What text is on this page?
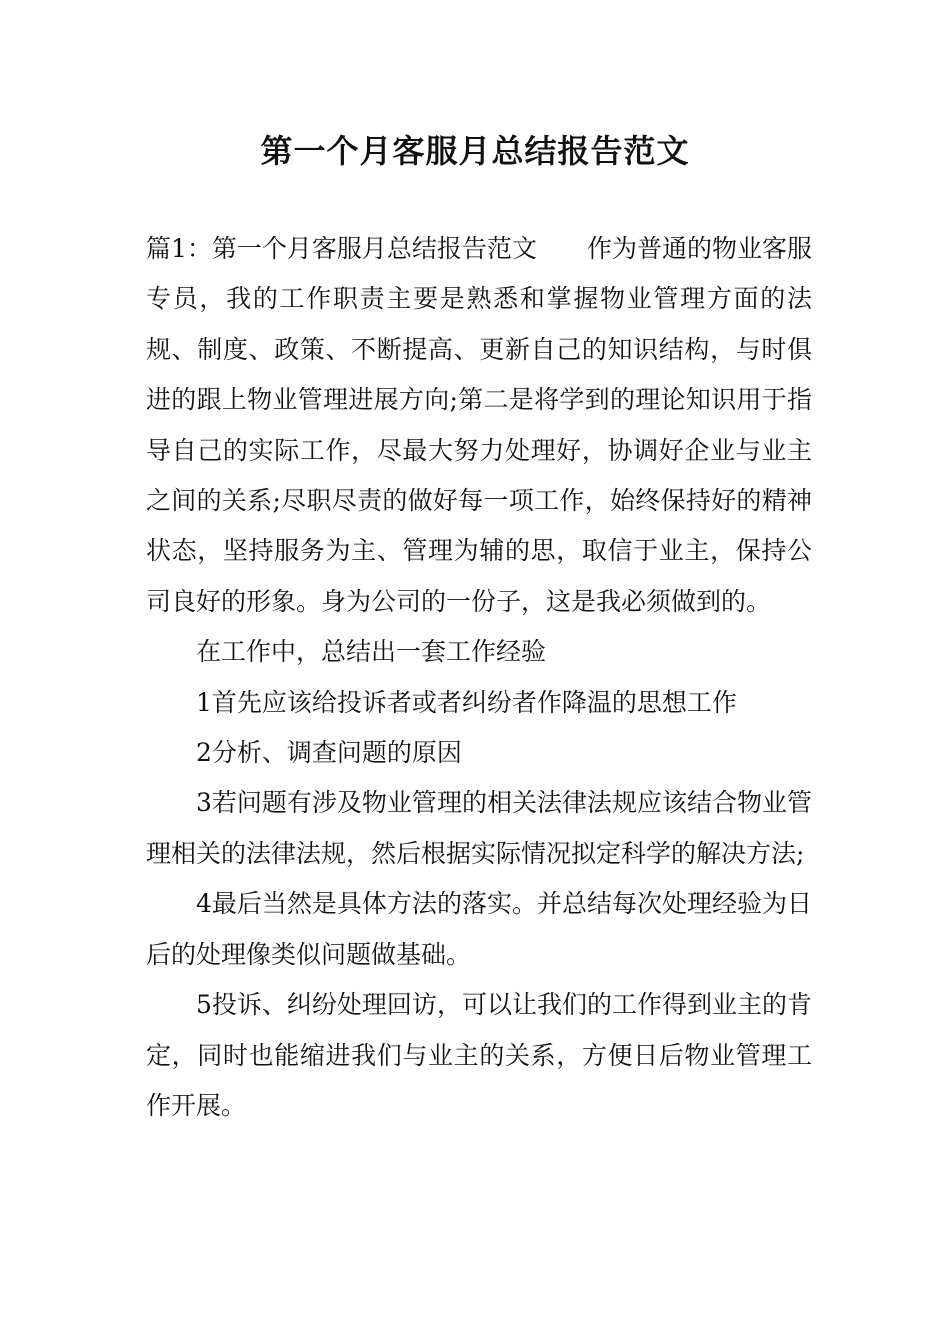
第一个月客服月总结报告范文

篇1：第一个月客服月总结报告范文 作为普通的物业客服专员，我的工作职责主要是熟悉和掌握物业管理方面的法规、制度、政策、不断提高、更新自己的知识结构，与时俱进的跟上物业管理进展方向;第二是将学到的理论知识用于指导自己的实际工作，尽最大努力处理好，协调好企业与业主之间的关系;尽职尽责的做好每一项工作，始终保持好的精神状态，坚持服务为主、管理为辅的思，取信于业主，保持公司良好的形象。身为公司的一份子，这是我必须做到的。

在工作中，总结出一套工作经验

1首先应该给投诉者或者纠纷者作降温的思想工作

2分析、调查问题的原因

3若问题有涉及物业管理的相关法律法规应该结合物业管理相关的法律法规，然后根据实际情况拟定科学的解决方法;

4最后当然是具体方法的落实。并总结每次处理经验为日后的处理像类似问题做基础。

5投诉、纠纷处理回访，可以让我们的工作得到业主的肯定，同时也能缩进我们与业主的关系，方便日后物业管理工作开展。
